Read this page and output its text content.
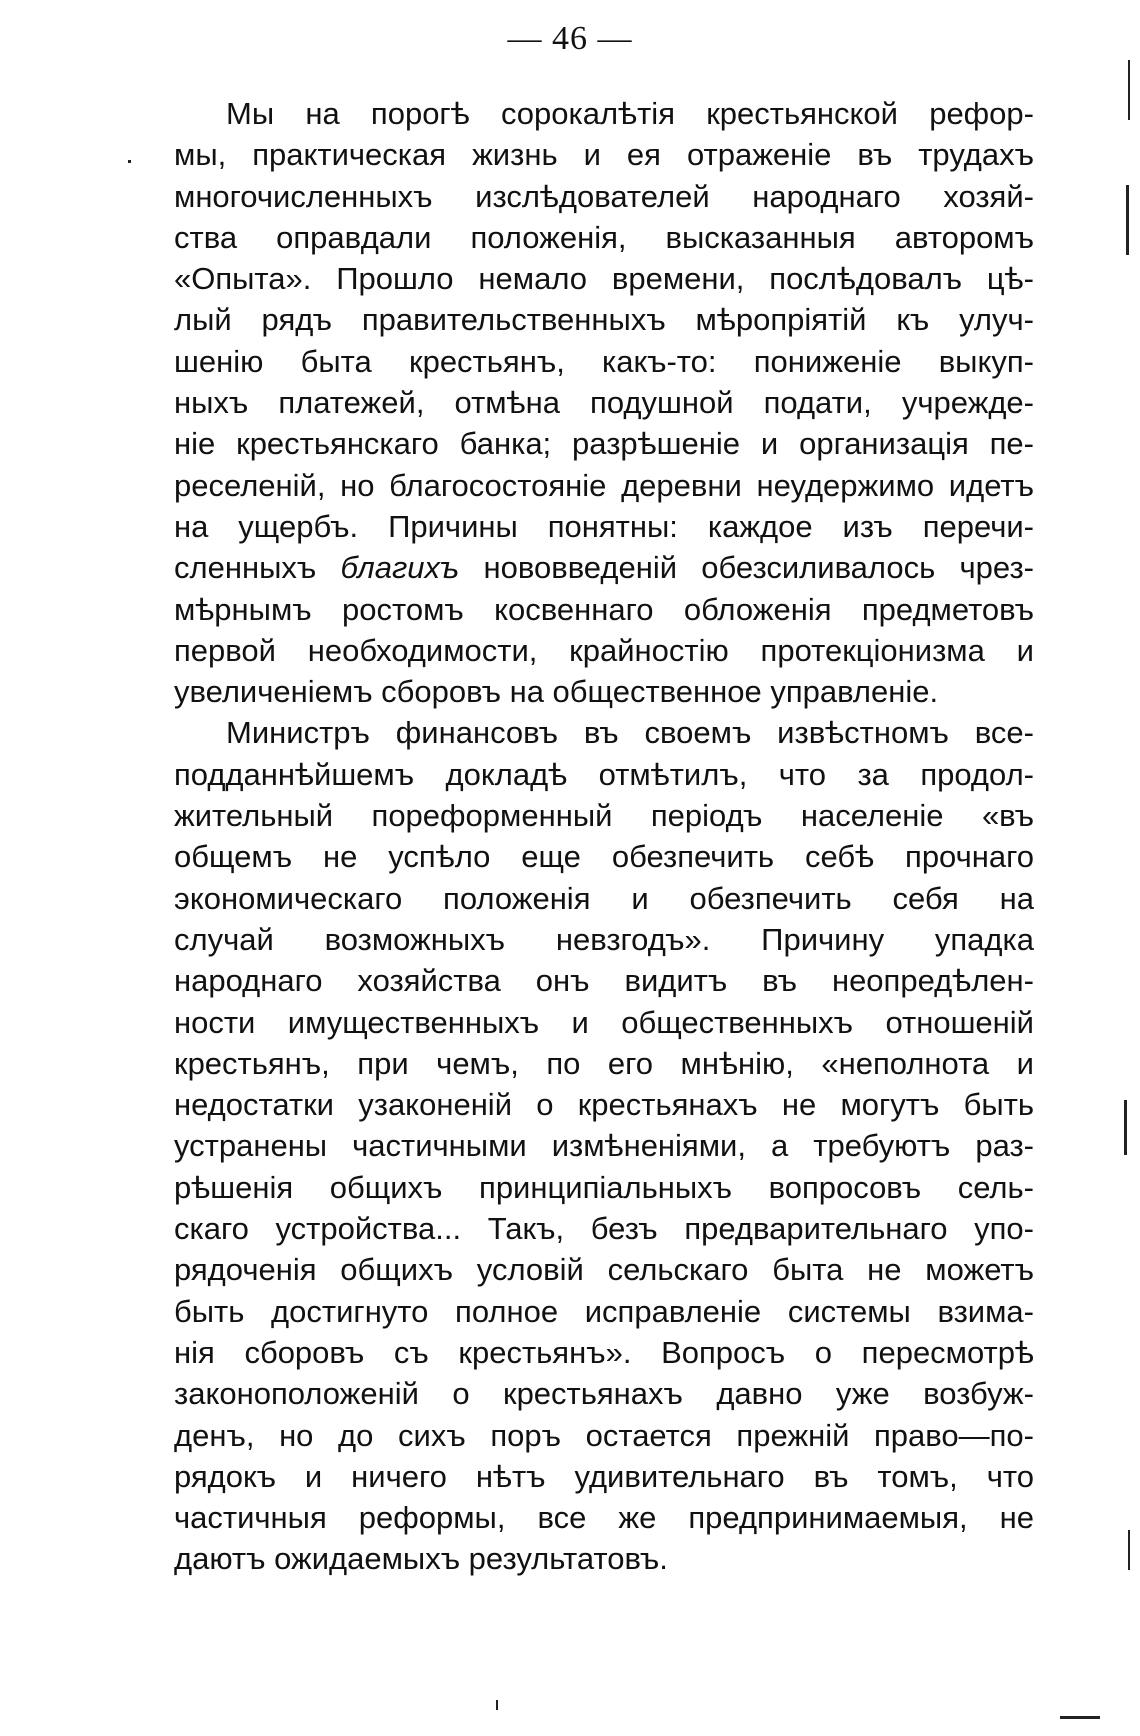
— 46 —
Мы на порогѣ сорокалѣтія крестьянской рефор-
мы, практическая жизнь и ея отраженіе въ трудахъ
многочисленныхъ изслѣдователей народнаго хозяй-
ства оправдали положенія, высказанныя авторомъ
«Опыта». Прошло немало времени, послѣдовалъ цѣ-
лый рядъ правительственныхъ мѣропріятій къ улуч-
шенію быта крестьянъ, какъ-то: пониженіе выкуп-
ныхъ платежей, отмѣна подушной подати, учрежде-
ніе крестьянскаго банка; разрѣшеніе и организація пе-
реселеній, но благосостояніе деревни неудержимо идетъ
на ущербъ. Причины понятны: каждое изъ перечи-
сленныхъ благихъ нововведеній обезсиливалось чрез-
мѣрнымъ ростомъ косвеннаго обложенія предметовъ
первой необходимости, крайностію протекціонизма и
увеличеніемъ сборовъ на общественное управленіе.
Министръ финансовъ въ своемъ извѣстномъ все-
подданнѣйшемъ докладѣ отмѣтилъ, что за продол-
жительный пореформенный періодъ населеніе «въ
общемъ не успѣло еще обезпечить себѣ прочнаго
экономическаго положенія и обезпечить себя на
случай возможныхъ невзгодъ». Причину упадка
народнаго хозяйства онъ видитъ въ неопредѣлен-
ности имущественныхъ и общественныхъ отношеній
крестьянъ, при чемъ, по его мнѣнію, «неполнота и
недостатки узаконеній о крестьянахъ не могутъ быть
устранены частичными измѣненіями, а требуютъ раз-
рѣшенія общихъ принципіальныхъ вопросовъ сель-
скаго устройства... Такъ, безъ предварительнаго упо-
рядоченія общихъ условій сельскаго быта не можетъ
быть достигнуто полное исправленіе системы взима-
нія сборовъ съ крестьянъ». Вопросъ о пересмотрѣ
законоположеній о крестьянахъ давно уже возбуж-
денъ, но до сихъ поръ остается прежній право—по-
рядокъ и ничего нѣтъ удивительнаго въ томъ, что
частичныя реформы, все же предпринимаемыя, не
даютъ ожидаемыхъ результатовъ.
